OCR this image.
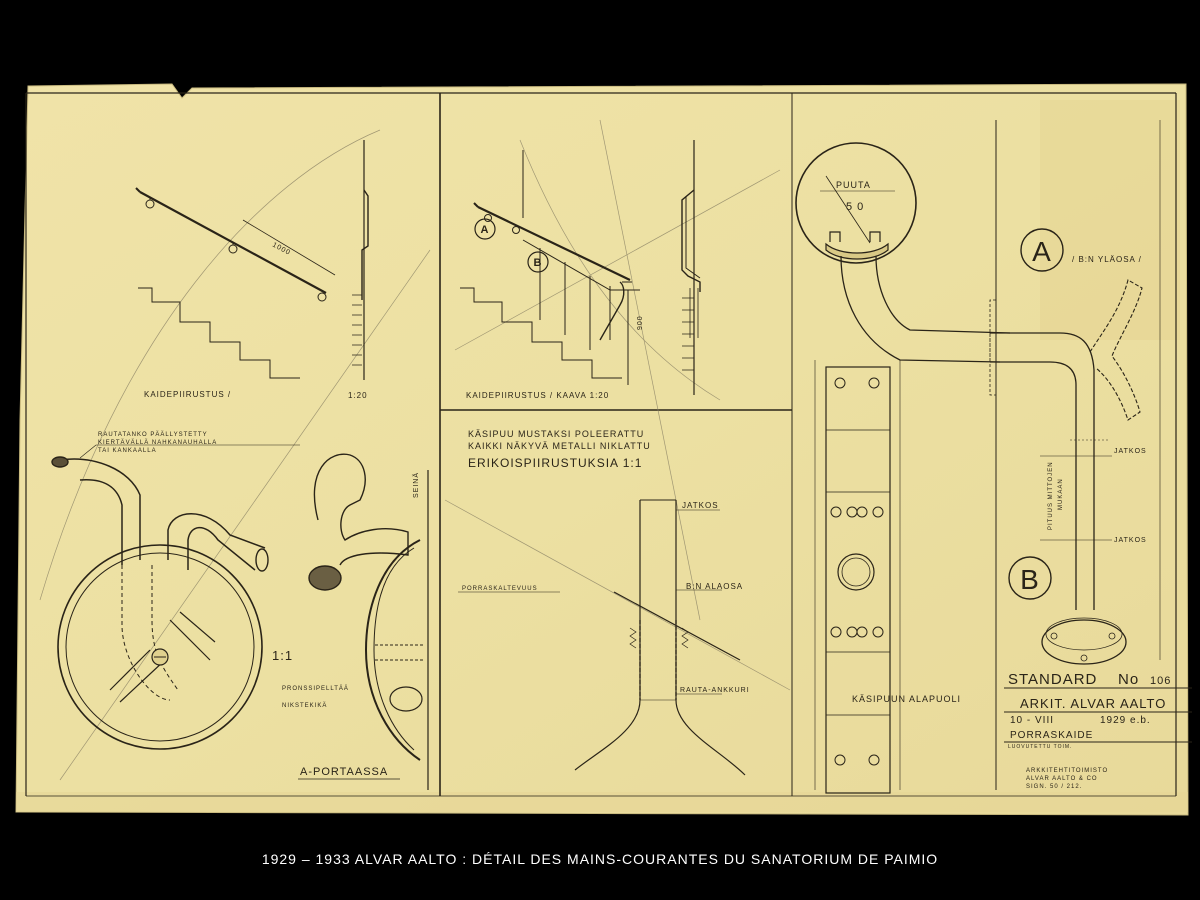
1000
KAIDEPIIRUSTUS /	1:20
A
B
900
KAIDEPIIRUSTUS / KAAVA 1:20
KÄSIPUU MUSTAKSI POLEERATTU
KAIKKI NÄKYVÄ METALLI NIKLATTU
ERIKOISPIIRUSTUKSIA 1:1
RAUTATANKO PÄÄLLYSTETTY
KIERTÄVÄLLÄ NAHKANAUHALLA
TAI KANKAALLA
SEINÄ
1:1
PRONSSIPELLTÄÄ
NIKSTEKIKÄ
A-PORTAASSA
JATKOS
PORRASKALTEVUUS	B:N ALAOSA
RAUTA-ANKKURI
PUUTA
5 0
KÄSIPUUN ALAPUOLI
A	/ B:N YLÄOSA /
JATKOS
JATKOS
PITUUS MITTOJEN MUKAAN
B
STANDARD No 106
ARKIT. ALVAR AALTO
10 - VIII	1929 e.b.
PORRASKAIDE
LUOVUTETTU TOIM.
ARKKITEHTITOIMISTO
ALVAR AALTO & CO
SIGN. 50 / 212.
1929 – 1933 ALVAR AALTO : DÉTAIL DES MAINS-COURANTES DU SANATORIUM DE PAIMIO
